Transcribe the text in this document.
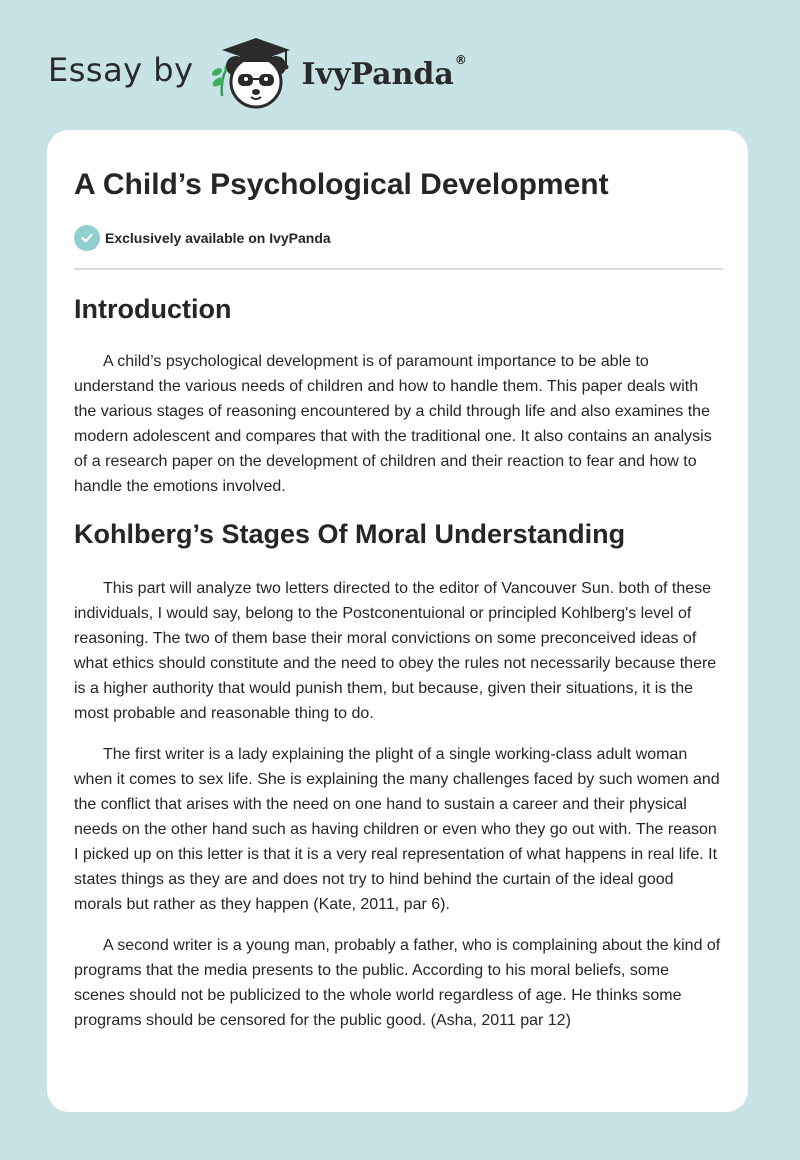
Essay by	IvyPanda ®
A Child’s Psychological Development
Exclusively available on IvyPanda
Introduction

A child’s psychological development is of paramount importance to be able to understand the various needs of children and how to handle them. This paper deals with the various stages of reasoning encountered by a child through life and also examines the modern adolescent and compares that with the traditional one. It also contains an analysis of a research paper on the development of children and their reaction to fear and how to handle the emotions involved.

Kohlberg’s Stages Of Moral Understanding

This part will analyze two letters directed to the editor of Vancouver Sun. both of these individuals, I would say, belong to the Postconentuional or principled Kohlberg's level of reasoning. The two of them base their moral convictions on some preconceived ideas of what ethics should constitute and the need to obey the rules not necessarily because there is a higher authority that would punish them, but because, given their situations, it is the most probable and reasonable thing to do.

The first writer is a lady explaining the plight of a single working-class adult woman when it comes to sex life. She is explaining the many challenges faced by such women and the conflict that arises with the need on one hand to sustain a career and their physical needs on the other hand such as having children or even who they go out with. The reason I picked up on this letter is that it is a very real representation of what happens in real life. It states things as they are and does not try to hind behind the curtain of the ideal good morals but rather as they happen (Kate, 2011, par 6).

A second writer is a young man, probably a father, who is complaining about the kind of programs that the media presents to the public. According to his moral beliefs, some scenes should not be publicized to the whole world regardless of age. He thinks some programs should be censored for the public good. (Asha, 2011 par 12)
